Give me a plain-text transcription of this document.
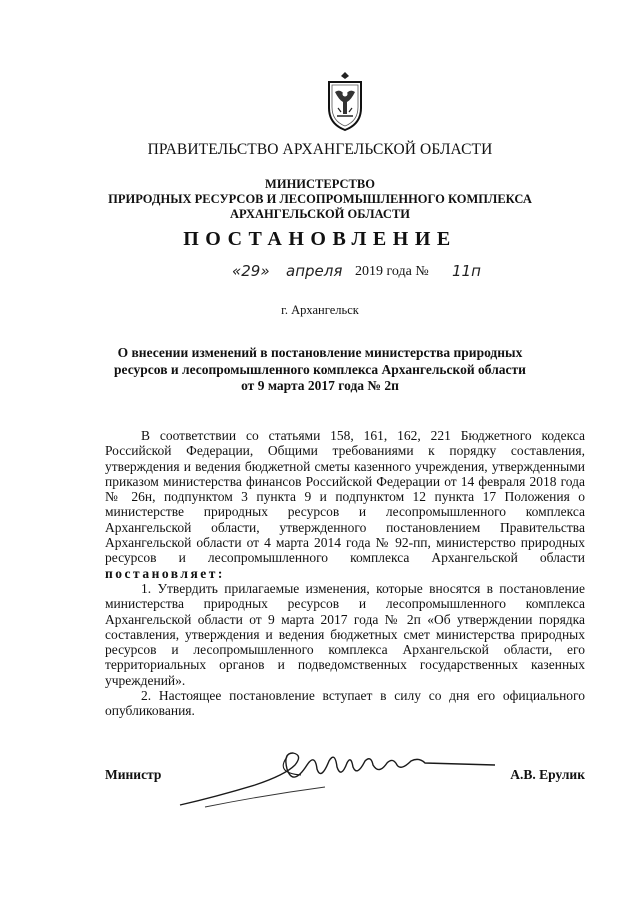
ПРАВИТЕЛЬСТВО АРХАНГЕЛЬСКОЙ ОБЛАСТИ
МИНИСТЕРСТВО
ПРИРОДНЫХ РЕСУРСОВ И ЛЕСОПРОМЫШЛЕННОГО КОМПЛЕКСА
АРХАНГЕЛЬСКОЙ ОБЛАСТИ
ПОСТАНОВЛЕНИЕ
«29» апреля 2019 года № 11п
г. Архангельск
О внесении изменений в постановление министерства природных
ресурсов и лесопромышленного комплекса Архангельской области
от 9 марта 2017 года № 2п

В соответствии со статьями 158, 161, 162, 221 Бюджетного кодекса Российской Федерации, Общими требованиями к порядку составления, утверждения и ведения бюджетной сметы казенного учреждения, утвержденными приказом министерства финансов Российской Федерации от 14 февраля 2018 года № 26н, подпунктом 3 пункта 9 и подпунктом 12 пункта 17 Положения о министерстве природных ресурсов и лесопромышленного комплекса Архангельской области, утвержденного постановлением Правительства Архангельской области от 4 марта 2014 года № 92-пп, министерство природных ресурсов и лесопромышленного комплекса Архангельской области постановляет:

1. Утвердить прилагаемые изменения, которые вносятся в постановление министерства природных ресурсов и лесопромышленного комплекса Архангельской области от 9 марта 2017 года № 2п «Об утверждении порядка составления, утверждения и ведения бюджетных смет министерства природных ресурсов и лесопромышленного комплекса Архангельской области, его территориальных органов и подведомственных государственных казенных учреждений».

2. Настоящее постановление вступает в силу со дня его официального опубликования.

Министр	А.В. Ерулик
